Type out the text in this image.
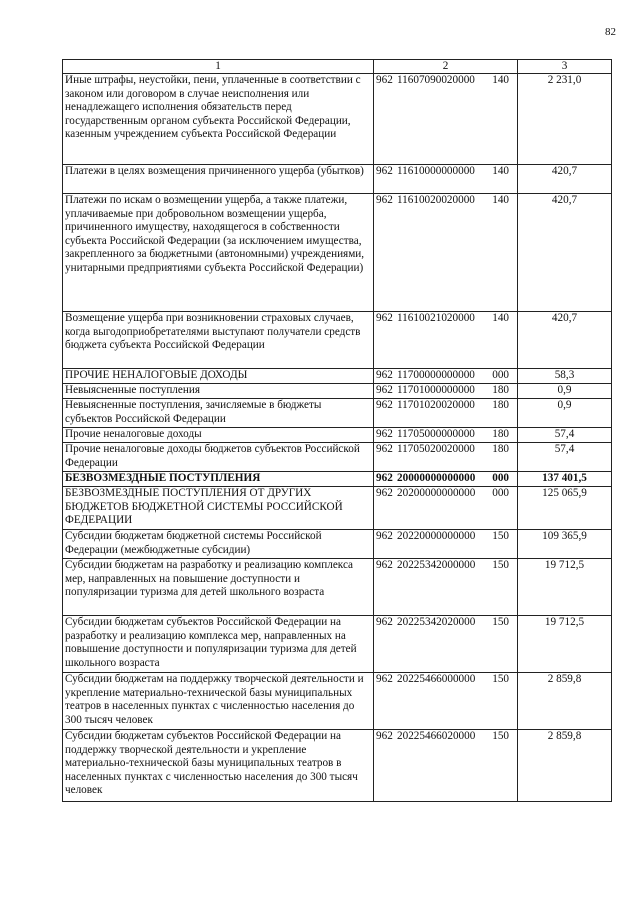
82
1	2	3
Иные штрафы, неустойки, пени, уплаченные в соответствии с законом или договором в случае неисполнения или ненадлежащего исполнения обязательств перед государственным органом субъекта Российской Федерации, казенным учреждением субъекта Российской Федерации	962 11607090020000 140	2 231,0
Платежи в целях возмещения причиненного ущерба (убытков)	962 11610000000000 140	420,7
Платежи по искам о возмещении ущерба, а также платежи, уплачиваемые при добровольном возмещении ущерба, причиненного имуществу, находящегося в собственности субъекта Российской Федерации (за исключением имущества, закрепленного за бюджетными (автономными) учреждениями, унитарными предприятиями субъекта Российской Федерации)	962 11610020020000 140	420,7
Возмещение ущерба при возникновении страховых случаев, когда выгодоприобретателями выступают получатели средств бюджета субъекта Российской Федерации	962 11610021020000 140	420,7
ПРОЧИЕ НЕНАЛОГОВЫЕ ДОХОДЫ	962 11700000000000 000	58,3
Невыясненные поступления	962 11701000000000 180	0,9
Невыясненные поступления, зачисляемые в бюджеты субъектов Российской Федерации	962 11701020020000 180	0,9
Прочие неналоговые доходы	962 11705000000000 180	57,4
Прочие неналоговые доходы бюджетов субъектов Российской Федерации	962 11705020020000 180	57,4
БЕЗВОЗМЕЗДНЫЕ ПОСТУПЛЕНИЯ	962 20000000000000 000	137 401,5
БЕЗВОЗМЕЗДНЫЕ ПОСТУПЛЕНИЯ ОТ ДРУГИХ БЮДЖЕТОВ БЮДЖЕТНОЙ СИСТЕМЫ РОССИЙСКОЙ ФЕДЕРАЦИИ	962 20200000000000 000	125 065,9
Субсидии бюджетам бюджетной системы Российской Федерации (межбюджетные субсидии)	962 20220000000000 150	109 365,9
Субсидии бюджетам на разработку и реализацию комплекса мер, направленных на повышение доступности и популяризации туризма для детей школьного возраста	962 20225342000000 150	19 712,5
Субсидии бюджетам субъектов Российской Федерации на разработку и реализацию комплекса мер, направленных на повышение доступности и популяризации туризма для детей школьного возраста	962 20225342020000 150	19 712,5
Субсидии бюджетам на поддержку творческой деятельности и укрепление материально-технической базы муниципальных театров в населенных пунктах с численностью населения до 300 тысяч человек	962 20225466000000 150	2 859,8
Субсидии бюджетам субъектов Российской Федерации на поддержку творческой деятельности и укрепление материально-технической базы муниципальных театров в населенных пунктах с численностью населения до 300 тысяч человек	962 20225466020000 150	2 859,8
